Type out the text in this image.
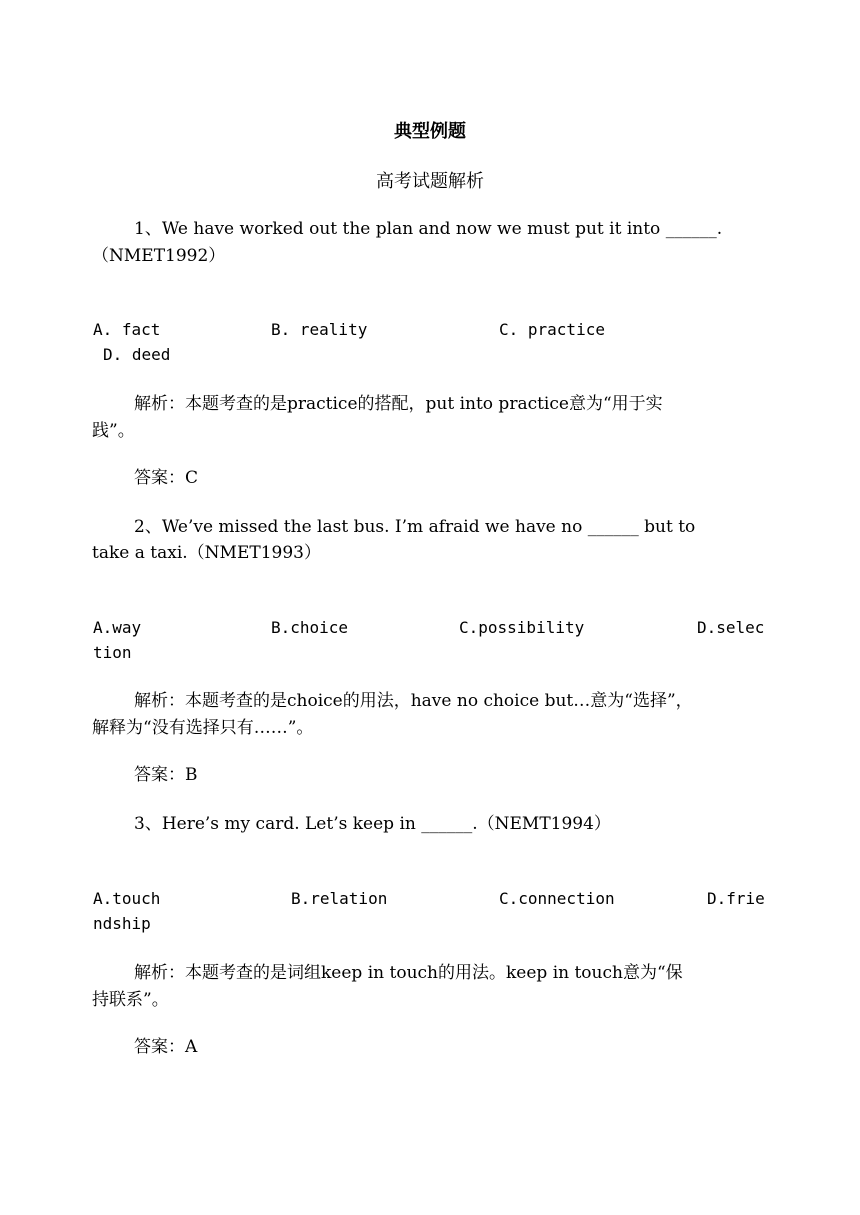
典型例题
高考试题解析
1、We have worked out the plan and now we must put it into ______.
（NMET1992）
A. fact	B. reality	C. practice
D. deed
解析：本题考查的是practice的搭配，put into practice意为“用于实
践”。
答案：C
2、We’ve missed the last bus. I’m afraid we have no ______ but to
take a taxi.（NMET1993）
A.way	B.choice	C.possibility	D.selec
tion
解析：本题考查的是choice的用法，have no choice but…意为“选择”，
解释为“没有选择只有……”。
答案：B
3、Here’s my card. Let’s keep in ______.（NEMT1994）
A.touch	B.relation	C.connection	D.frie
ndship
解析：本题考查的是词组keep in touch的用法。keep in touch意为“保
持联系”。
答案：A
